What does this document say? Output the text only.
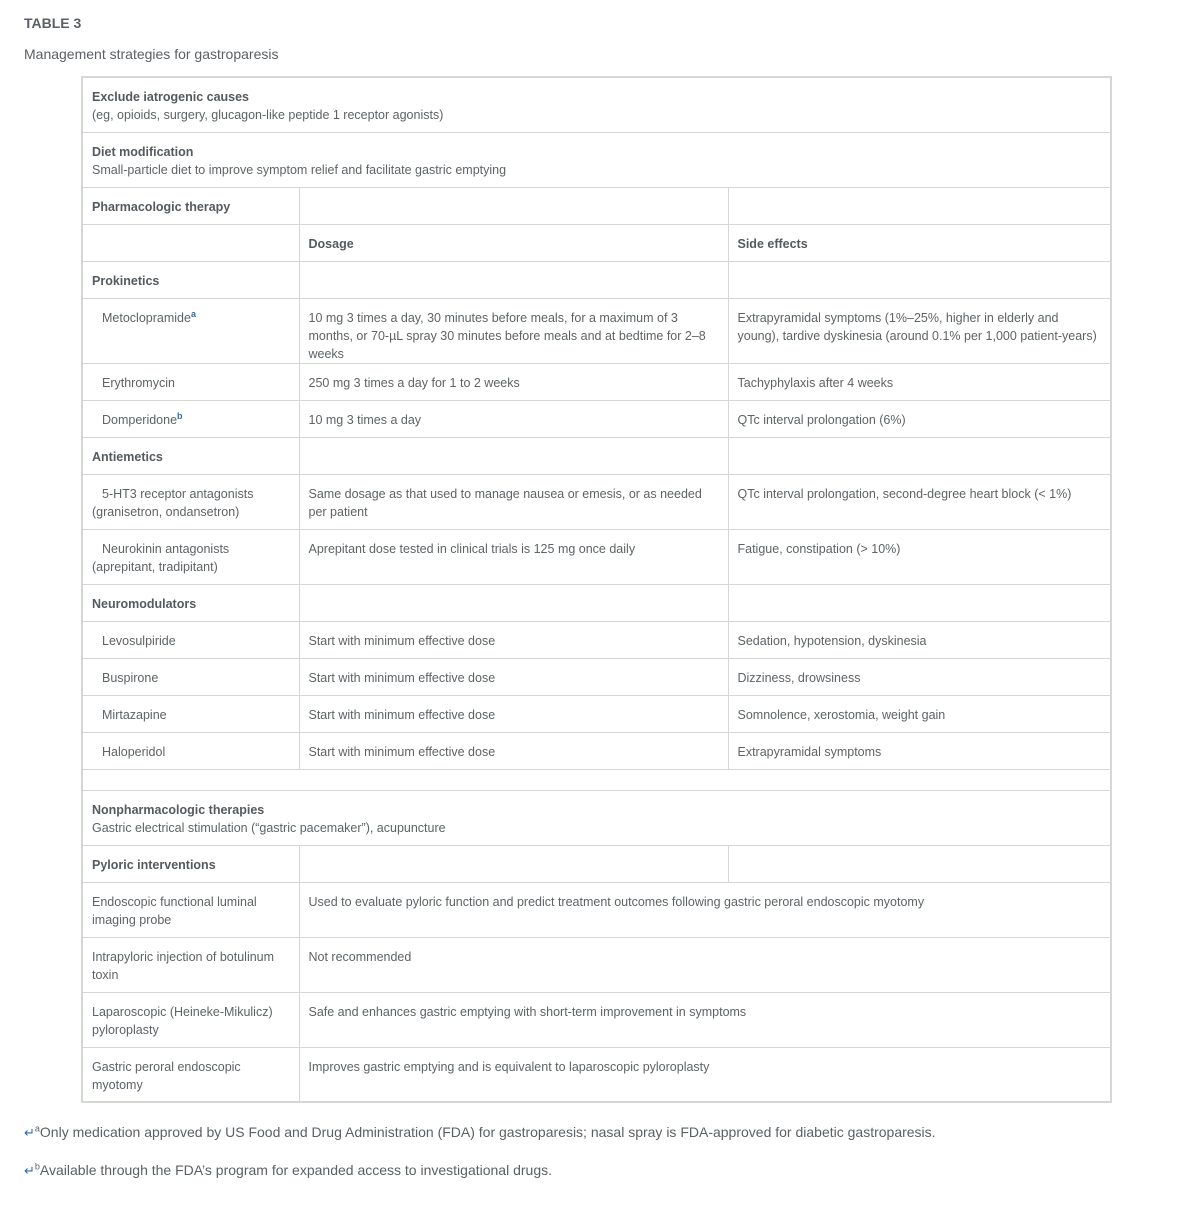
TABLE 3
Management strategies for gastroparesis
Exclude iatrogenic causes
(eg, opioids, surgery, glucagon-like peptide 1 receptor agonists)		

Diet modification
Small-particle diet to improve symptom relief and facilitate gastric emptying		

Pharmacologic therapy		
	Dosage	Side effects
Prokinetics		
Metoclopramide$^a$	10 mg 3 times a day, 30 minutes before meals, for a maximum of 3 months, or 70-µL spray 30 minutes before meals and at bedtime for 2–8 weeks	Extrapyramidal symptoms (1%–25%, higher in elderly and young), tardive dyskinesia (around 0.1% per 1,000 patient-years)
Erythromycin	250 mg 3 times a day for 1 to 2 weeks	Tachyphylaxis after 4 weeks
Domperidone$^b$	10 mg 3 times a day	QTc interval prolongation (6%)
Antiemetics		
5-HT3 receptor antagonists (granisetron, ondansetron)	Same dosage as that used to manage nausea or emesis, or as needed per patient	QTc interval prolongation, second-degree heart block (< 1%)
Neurokinin antagonists (aprepitant, tradipitant)	Aprepitant dose tested in clinical trials is 125 mg once daily	Fatigue, constipation (> 10%)
Neuromodulators		
Levosulpiride	Start with minimum effective dose	Sedation, hypotension, dyskinesia
Buspirone	Start with minimum effective dose	Dizziness, drowsiness
Mirtazapine	Start with minimum effective dose	Somnolence, xerostomia, weight gain
Haloperidol	Start with minimum effective dose	Extrapyramidal symptoms

Nonpharmacologic therapies
Gastric electrical stimulation (“gastric pacemaker”), acupuncture		

Pyloric interventions		
Endoscopic functional luminal imaging probe	Used to evaluate pyloric function and predict treatment outcomes following gastric peroral endoscopic myotomy	
Intrapyloric injection of botulinum toxin	Not recommended	
Laparoscopic (Heineke-Mikulicz) pyloroplasty	Safe and enhances gastric emptying with short-term improvement in symptoms	
Gastric peroral endoscopic myotomy	Improves gastric emptying and is equivalent to laparoscopic pyloroplasty	
↵$^a$Only medication approved by US Food and Drug Administration (FDA) for gastroparesis; nasal spray is FDA-approved for diabetic gastroparesis.
↵$^b$Available through the FDA’s program for expanded access to investigational drugs.
